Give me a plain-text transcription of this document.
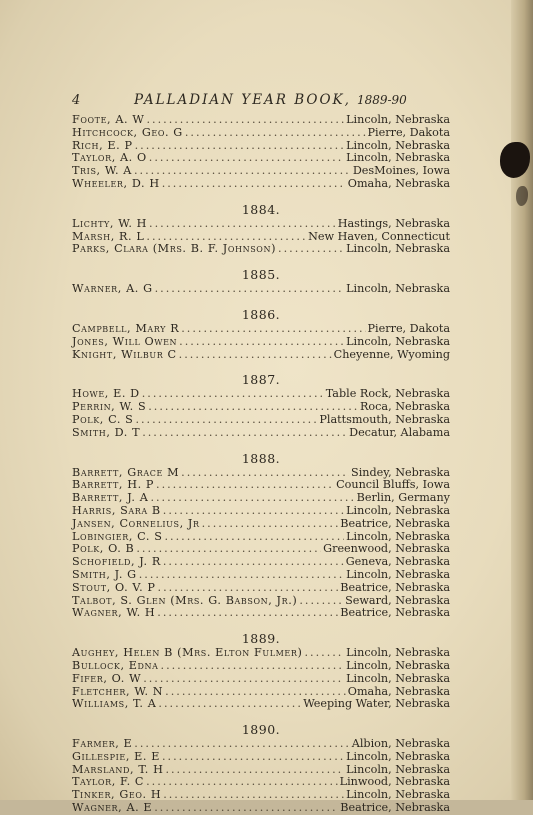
4	PALLADIAN YEAR BOOK, 1889-90
Foote, A. W .....	Lincoln, Nebraska
Hitchcock, Geo. G .....	Pierre, Dakota
Rich, E. P .....	Lincoln, Nebraska
Taylor, A. O .....	Lincoln, Nebraska
Tris, W. A .....	DesMoines, Iowa
Wheeler, D. H .....	Omaha, Nebraska
1884.
Lichty, W. H .....	Hastings, Nebraska
Marsh, R. L .....	New Haven, Connecticut
Parks, Clara (Mrs. B. F. Johnson) .....	Lincoln, Nebraska
1885.
Warner, A. G .....	Lincoln, Nebraska
1886.
Campbell, Mary R .....	Pierre, Dakota
Jones, Will Owen .....	Lincoln, Nebraska
Knight, Wilbur C .....	Cheyenne, Wyoming
1887.
Howe, E. D .....	Table Rock, Nebraska
Perrin, W. S .....	Roca, Nebraska
Polk, C. S .....	Plattsmouth, Nebraska
Smith, D. T .....	Decatur, Alabama
1888.
Barrett, Grace M .....	Sindey, Nebraska
Barrett, H. P .....	Council Bluffs, Iowa
Barrett, J. A .....	Berlin, Germany
Harris, Sara B .....	Lincoln, Nebraska
Jansen, Cornelius, Jr .....	Beatrice, Nebraska
Lobingier, C. S .....	Lincoln, Nebraska
Polk, O. B .....	Greenwood, Nebraska
Schofield, J. R .....	Geneva, Nebraska
Smith, J. G .....	Lincoln, Nebraska
Stout, O. V. P .....	Beatrice, Nebraska
Talbot, S. Glen (Mrs. G. Babson, Jr.) .....	Seward, Nebraska
Wagner, W. H .....	Beatrice, Nebraska
1889.
Aughey, Helen B (Mrs. Elton Fulmer) .....	Lincoln, Nebraska
Bullock, Edna .....	Lincoln, Nebraska
Fifer, O. W .....	Lincoln, Nebraska
Fletcher, W. N .....	Omaha, Nebraska
Williams, T. A .....	Weeping Water, Nebraska
1890.
Farmer, E .....	Albion, Nebraska
Gillespie, E. E .....	Lincoln, Nebraska
Marsland, T. H .....	Lincoln, Nebraska
Taylor, F. C .....	Linwood, Nebraska
Tinker, Geo. H .....	Lincoln, Nebraska
Wagner, A. E .....	Beatrice, Nebraska
